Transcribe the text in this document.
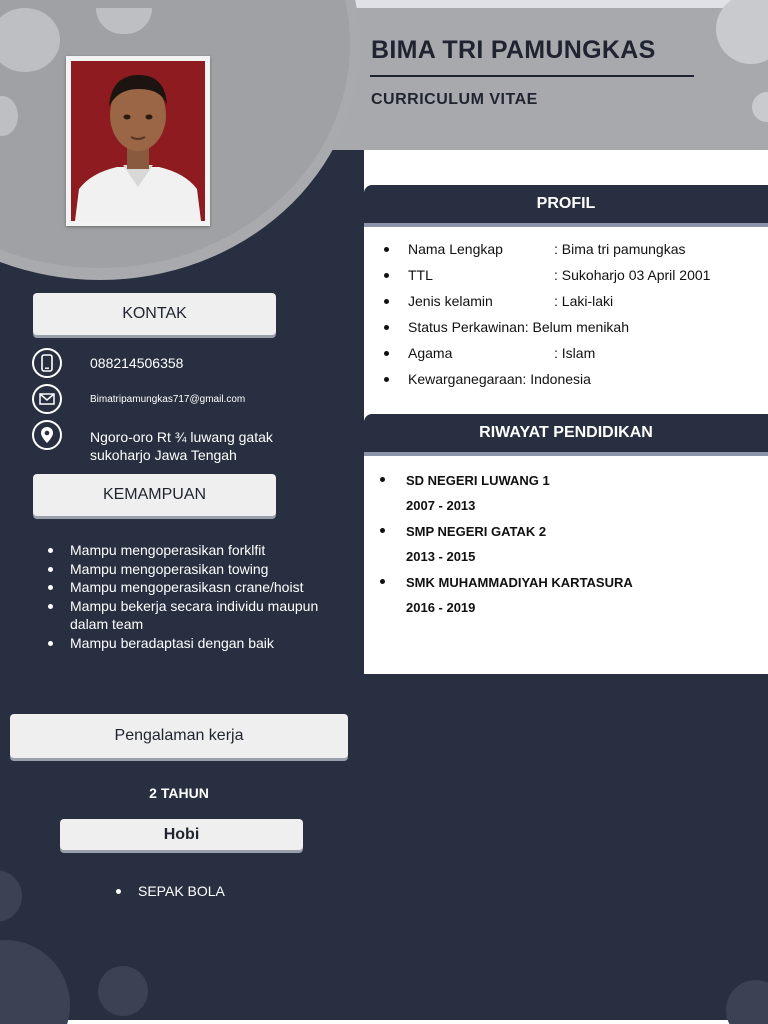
BIMA TRI PAMUNGKAS
CURRICULUM VITAE
KONTAK
088214506358
Bimatripamungkas717@gmail.com
Ngoro-oro Rt ¾ luwang gatak
sukoharjo Jawa Tengah
KEMAMPUAN
Mampu mengoperasikan forklfit
Mampu mengoperasikan towing
Mampu mengoperasikasn crane/hoist
Mampu bekerja secara individu maupun dalam team
Mampu beradaptasi dengan baik
Pengalaman kerja
2 TAHUN
Hobi
SEPAK BOLA
PROFIL
Nama Lengkap	: Bima tri pamungkas
TTL	: Sukoharjo 03 April 2001
Jenis kelamin	: Laki-laki
Status Perkawinan : Belum menikah
Agama	: Islam
Kewarganegaraan : Indonesia
RIWAYAT PENDIDIKAN
SD NEGERI LUWANG 1
2007 - 2013
SMP NEGERI GATAK 2
2013 - 2015
SMK MUHAMMADIYAH KARTASURA
2016 - 2019
